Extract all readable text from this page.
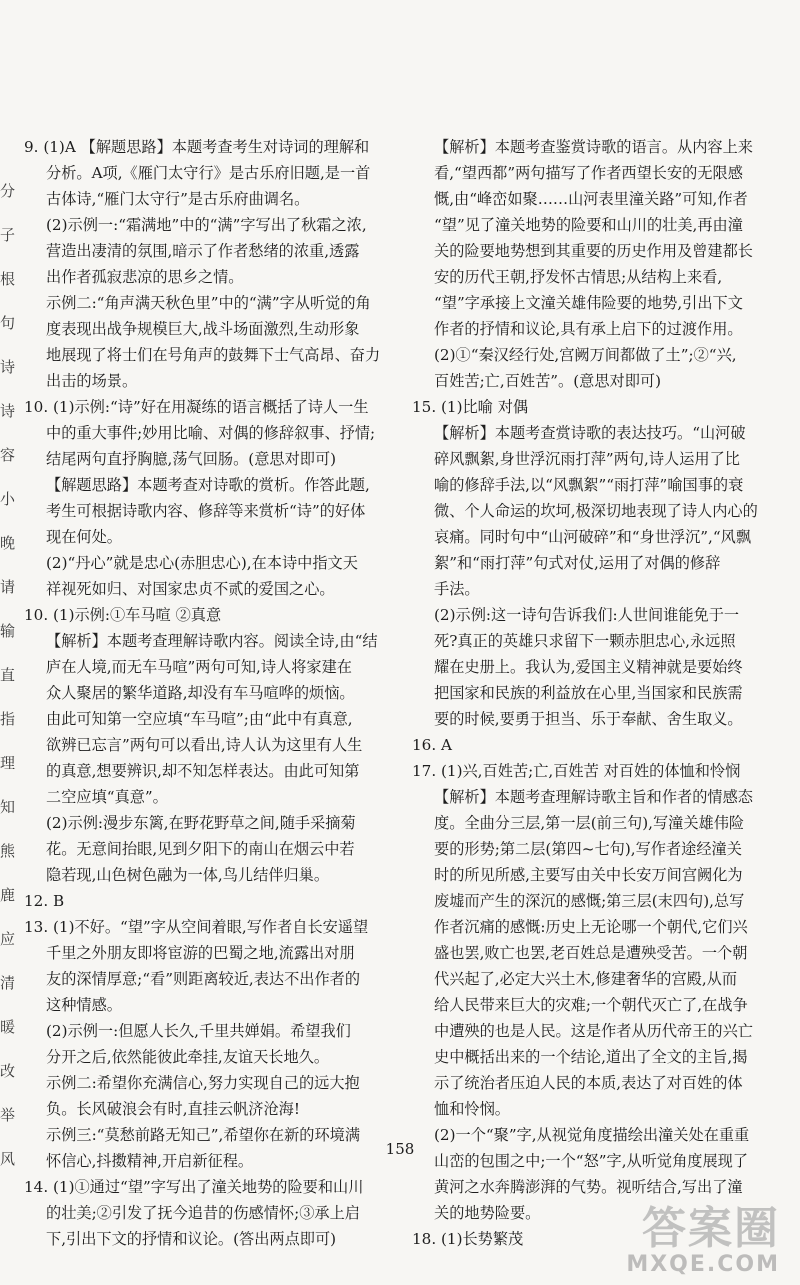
分
子
根
句
诗
诗
容
小
晚
请
输
直
指
理
知
熊
鹿
应
清
暖
改
举
风
9. (1)A 【解题思路】本题考查考生对诗词的理解和
分析。A项,《雁门太守行》是古乐府旧题,是一首
古体诗,“雁门太守行”是古乐府曲调名。
(2)示例一:“霜满地”中的“满”字写出了秋霜之浓,
营造出凄清的氛围,暗示了作者愁绪的浓重,透露
出作者孤寂悲凉的思乡之情。
示例二:“角声满天秋色里”中的“满”字从听觉的角
度表现出战争规模巨大,战斗场面激烈,生动形象
地展现了将士们在号角声的鼓舞下士气高昂、奋力
出击的场景。
10. (1)示例:“诗”好在用凝练的语言概括了诗人一生
中的重大事件;妙用比喻、对偶的修辞叙事、抒情;
结尾两句直抒胸臆,荡气回肠。(意思对即可)
【解题思路】本题考查对诗歌的赏析。作答此题,
考生可根据诗歌内容、修辞等来赏析“诗”的好体
现在何处。
(2)“丹心”就是忠心(赤胆忠心),在本诗中指文天
祥视死如归、对国家忠贞不贰的爱国之心。
10. (1)示例:①车马喧 ②真意
【解析】本题考查理解诗歌内容。阅读全诗,由“结
庐在人境,而无车马喧”两句可知,诗人将家建在
众人聚居的繁华道路,却没有车马喧哗的烦恼。
由此可知第一空应填“车马喧”;由“此中有真意,
欲辨已忘言”两句可以看出,诗人认为这里有人生
的真意,想要辨识,却不知怎样表达。由此可知第
二空应填“真意”。
(2)示例:漫步东篱,在野花野草之间,随手采摘菊
花。无意间抬眼,见到夕阳下的南山在烟云中若
隐若现,山色树色融为一体,鸟儿结伴归巢。
12. B
13. (1)不好。“望”字从空间着眼,写作者自长安遥望
千里之外朋友即将宦游的巴蜀之地,流露出对朋
友的深情厚意;“看”则距离较近,表达不出作者的
这种情感。
(2)示例一:但愿人长久,千里共婵娟。希望我们
分开之后,依然能彼此牵挂,友谊天长地久。
示例二:希望你充满信心,努力实现自己的远大抱
负。长风破浪会有时,直挂云帆济沧海!
示例三:“莫愁前路无知己”,希望你在新的环境满
怀信心,抖擞精神,开启新征程。
14. (1)①通过“望”字写出了潼关地势的险要和山川
的壮美;②引发了抚今追昔的伤感情怀;③承上启
下,引出下文的抒情和议论。(答出两点即可)
【解析】本题考查鉴赏诗歌的语言。从内容上来
看,“望西都”两句描写了作者西望长安的无限感
慨,由“峰峦如聚……山河表里潼关路”可知,作者
“望”见了潼关地势的险要和山川的壮美,再由潼
关的险要地势想到其重要的历史作用及曾建都长
安的历代王朝,抒发怀古情思;从结构上来看,
“望”字承接上文潼关雄伟险要的地势,引出下文
作者的抒情和议论,具有承上启下的过渡作用。
(2)①“秦汉经行处,宫阙万间都做了土”;②“兴,
百姓苦;亡,百姓苦”。(意思对即可)
15. (1)比喻 对偶
【解析】本题考查赏诗歌的表达技巧。“山河破
碎风飘絮,身世浮沉雨打萍”两句,诗人运用了比
喻的修辞手法,以“风飘絮”“雨打萍”喻国事的衰
微、个人命运的坎坷,极深切地表现了诗人内心的
哀痛。同时句中“山河破碎”和“身世浮沉”,“风飘
絮”和“雨打萍”句式对仗,运用了对偶的修辞
手法。
(2)示例:这一诗句告诉我们:人世间谁能免于一
死?真正的英雄只求留下一颗赤胆忠心,永远照
耀在史册上。我认为,爱国主义精神就是要始终
把国家和民族的利益放在心里,当国家和民族需
要的时候,要勇于担当、乐于奉献、舍生取义。
16. A
17. (1)兴,百姓苦;亡,百姓苦 对百姓的体恤和怜悯
【解析】本题考查理解诗歌主旨和作者的情感态
度。全曲分三层,第一层(前三句),写潼关雄伟险
要的形势;第二层(第四~七句),写作者途经潼关
时的所见所感,主要写由关中长安万间宫阙化为
废墟而产生的深沉的感慨;第三层(末四句),总写
作者沉痛的感慨:历史上无论哪一个朝代,它们兴
盛也罢,败亡也罢,老百姓总是遭殃受苦。一个朝
代兴起了,必定大兴土木,修建奢华的宫殿,从而
给人民带来巨大的灾难;一个朝代灭亡了,在战争
中遭殃的也是人民。这是作者从历代帝王的兴亡
史中概括出来的一个结论,道出了全文的主旨,揭
示了统治者压迫人民的本质,表达了对百姓的体
恤和怜悯。
(2)一个“聚”字,从视觉角度描绘出潼关处在重重
山峦的包围之中;一个“怒”字,从听觉角度展现了
黄河之水奔腾澎湃的气势。视听结合,写出了潼
关的地势险要。
18. (1)长势繁茂
158
答案圈
MXQE.COM
